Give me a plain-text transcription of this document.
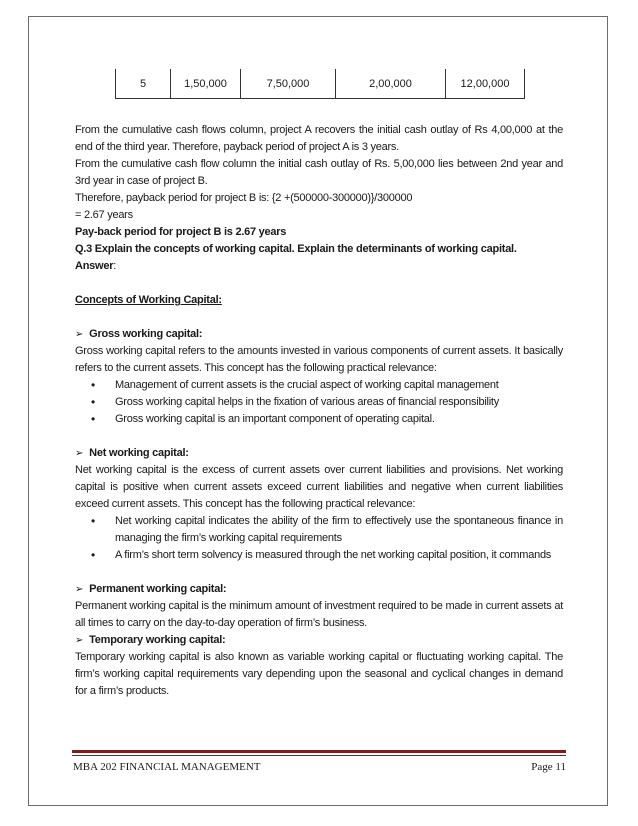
5	1,50,000	7,50,000	2,00,000	12,00,000

From the cumulative cash flows column, project A recovers the initial cash outlay of Rs 4,00,000 at the end of the third year. Therefore, payback period of project A is 3 years.

From the cumulative cash flow column the initial cash outlay of Rs. 5,00,000 lies between 2nd year and 3rd year in case of project B.

Therefore, payback period for project B is: {2 +(500000-300000)}/300000

= 2.67 years

Pay-back period for project B is 2.67 years

Q.3 Explain the concepts of working capital. Explain the determinants of working capital.

Answer:

Concepts of Working Capital:

➢ Gross working capital:

Gross working capital refers to the amounts invested in various components of current assets. It basically refers to the current assets. This concept has the following practical relevance:

• Management of current assets is the crucial aspect of working capital management
• Gross working capital helps in the fixation of various areas of financial responsibility
• Gross working capital is an important component of operating capital.

➢ Net working capital:

Net working capital is the excess of current assets over current liabilities and provisions. Net working capital is positive when current assets exceed current liabilities and negative when current liabilities exceed current assets. This concept has the following practical relevance:

• Net working capital indicates the ability of the firm to effectively use the spontaneous finance in managing the firm’s working capital requirements
• A firm’s short term solvency is measured through the net working capital position, it commands

➢ Permanent working capital:

Permanent working capital is the minimum amount of investment required to be made in current assets at all times to carry on the day-to-day operation of firm’s business.

➢ Temporary working capital:

Temporary working capital is also known as variable working capital or fluctuating working capital. The firm’s working capital requirements vary depending upon the seasonal and cyclical changes in demand for a firm’s products.

MBA 202 FINANCIAL MANAGEMENT	Page 11
